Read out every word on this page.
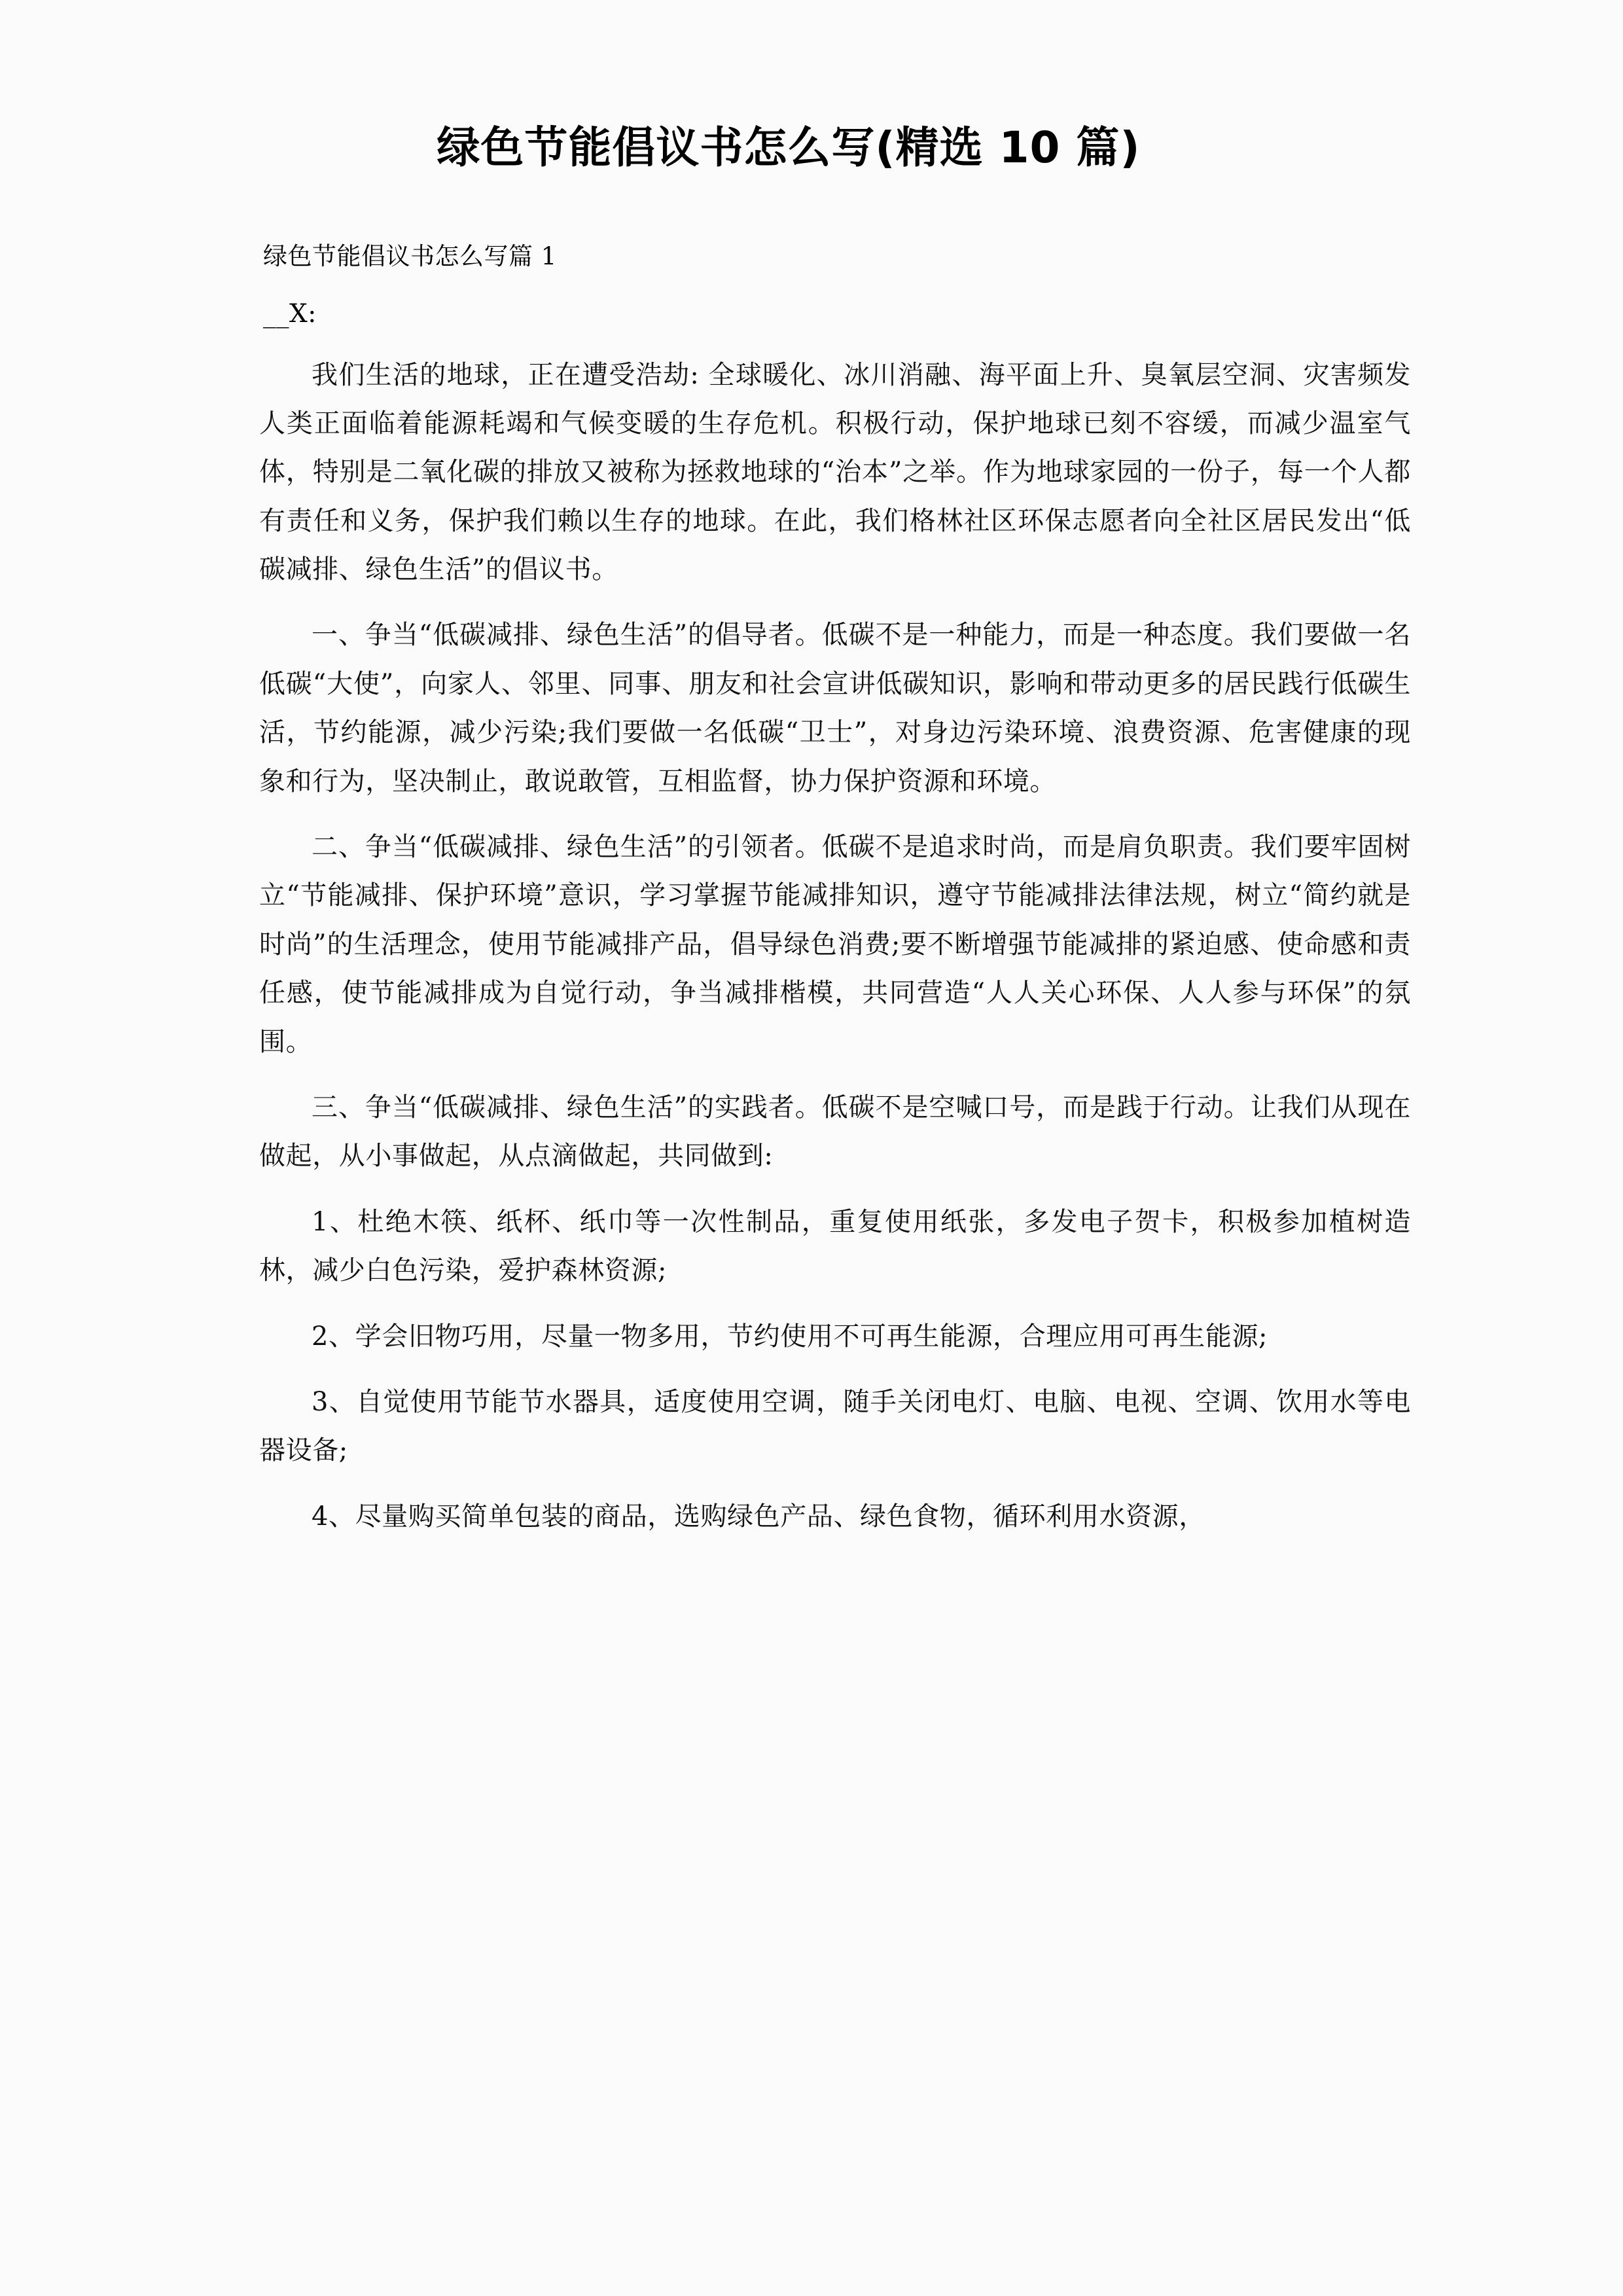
绿色节能倡议书怎么写(精选 10 篇)

绿色节能倡议书怎么写篇 1

__X:

我们生活的地球，正在遭受浩劫: 全球暖化、冰川消融、海平面上升、臭氧层空洞、灾害频发人类正面临着能源耗竭和气候变暖的生存危机。积极行动，保护地球已刻不容缓，而减少温室气体，特别是二氧化碳的排放又被称为拯救地球的“治本”之举。作为地球家园的一份子，每一个人都有责任和义务，保护我们赖以生存的地球。在此，我们格林社区环保志愿者向全社区居民发出“低碳减排、绿色生活”的倡议书。

一、争当“低碳减排、绿色生活”的倡导者。低碳不是一种能力，而是一种态度。我们要做一名低碳“大使”，向家人、邻里、同事、朋友和社会宣讲低碳知识，影响和带动更多的居民践行低碳生活，节约能源，减少污染;我们要做一名低碳“卫士”，对身边污染环境、浪费资源、危害健康的现象和行为，坚决制止，敢说敢管，互相监督，协力保护资源和环境。

二、争当“低碳减排、绿色生活”的引领者。低碳不是追求时尚，而是肩负职责。我们要牢固树立“节能减排、保护环境”意识，学习掌握节能减排知识，遵守节能减排法律法规，树立“简约就是时尚”的生活理念，使用节能减排产品，倡导绿色消费;要不断增强节能减排的紧迫感、使命感和责任感，使节能减排成为自觉行动，争当减排楷模，共同营造“人人关心环保、人人参与环保”的氛围。

三、争当“低碳减排、绿色生活”的实践者。低碳不是空喊口号，而是践于行动。让我们从现在做起，从小事做起，从点滴做起，共同做到:

1、杜绝木筷、纸杯、纸巾等一次性制品，重复使用纸张，多发电子贺卡，积极参加植树造林，减少白色污染，爱护森林资源;

2、学会旧物巧用，尽量一物多用，节约使用不可再生能源，合理应用可再生能源;

3、自觉使用节能节水器具，适度使用空调，随手关闭电灯、电脑、电视、空调、饮用水等电器设备;

4、尽量购买简单包装的商品，选购绿色产品、绿色食物，循环利用水资源，
